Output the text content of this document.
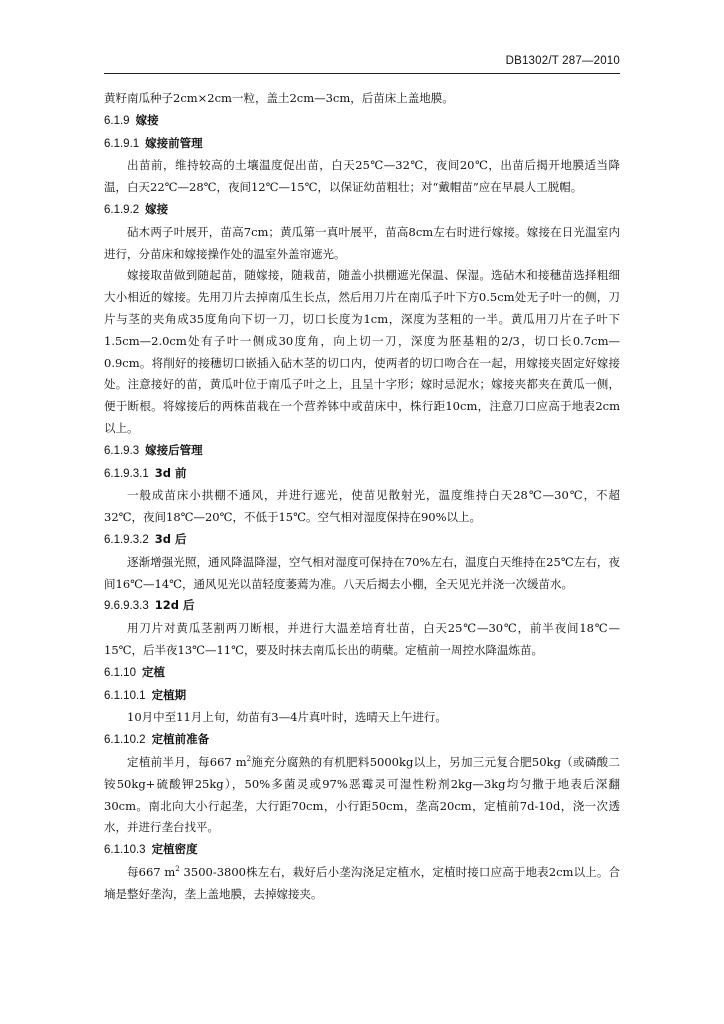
DB1302/T 287—2010

黄籽南瓜种子2cm×2cm一粒，盖土2cm—3cm，后苗床上盖地膜。

6.1.9 嫁接
6.1.9.1 嫁接前管理

出苗前，维持较高的土壤温度促出苗，白天25℃—32℃，夜间20℃，出苗后揭开地膜适当降温，白天22℃—28℃，夜间12℃—15℃，以保证幼苗粗壮；对“戴帽苗”应在早晨人工脱帽。

6.1.9.2 嫁接

砧木两子叶展开，苗高7cm；黄瓜第一真叶展平，苗高8cm左右时进行嫁接。嫁接在日光温室内进行，分苗床和嫁接操作处的温室外盖帘遮光。

嫁接取苗做到随起苗，随嫁接，随栽苗，随盖小拱棚遮光保温、保湿。选砧木和接穗苗选择粗细大小相近的嫁接。先用刀片去掉南瓜生长点，然后用刀片在南瓜子叶下方0.5cm处无子叶一的侧，刀片与茎的夹角成35度角向下切一刀，切口长度为1cm，深度为茎粗的一半。黄瓜用刀片在子叶下1.5cm—2.0cm处有子叶一侧成30度角，向上切一刀，深度为胚基粗的2/3，切口长0.7cm—0.9cm。将削好的接穗切口嵌插入砧木茎的切口内，使两者的切口吻合在一起，用嫁接夹固定好嫁接处。注意接好的苗，黄瓜叶位于南瓜子叶之上，且呈十字形；嫁时忌泥水；嫁接夹都夹在黄瓜一侧，便于断根。将嫁接后的两株苗栽在一个营养钵中或苗床中，株行距10cm，注意刀口应高于地表2cm以上。

6.1.9.3 嫁接后管理
6.1.9.3.1 3d 前

一般成苗床小拱棚不通风，并进行遮光，使苗见散射光，温度维持白天28℃—30℃，不超32℃，夜间18℃—20℃，不低于15℃。空气相对湿度保持在90%以上。

6.1.9.3.2 3d 后

逐渐增强光照，通风降温降湿，空气相对湿度可保持在70%左右，温度白天维持在25℃左右，夜间16℃—14℃，通风见光以苗轻度萎蔫为准。八天后揭去小棚，全天见光并浇一次缓苗水。

9.6.9.3.3 12d 后

用刀片对黄瓜茎割两刀断根，并进行大温差培育壮苗，白天25℃—30℃，前半夜间18℃—15℃，后半夜13℃—11℃，要及时抹去南瓜长出的萌蘖。定植前一周控水降温炼苗。

6.1.10 定植
6.1.10.1 定植期

10月中至11月上旬，幼苗有3—4片真叶时，选晴天上午进行。

6.1.10.2 定植前准备

定植前半月，每667 $m^2$施充分腐熟的有机肥料5000kg以上，另加三元复合肥50kg（或磷酸二铵50kg+硫酸钾25kg），50%多菌灵或97%恶霉灵可湿性粉剂2kg—3kg均匀撒于地表后深翻30cm。南北向大小行起垄，大行距70cm，小行距50cm，垄高20cm，定植前7d-10d，浇一次透水，并进行垄台找平。

6.1.10.3 定植密度

每667 $m^2$ 3500-3800株左右，栽好后小垄沟浇足定植水，定植时接口应高于地表2cm以上。合墒是整好垄沟，垄上盖地膜，去掉嫁接夹。
